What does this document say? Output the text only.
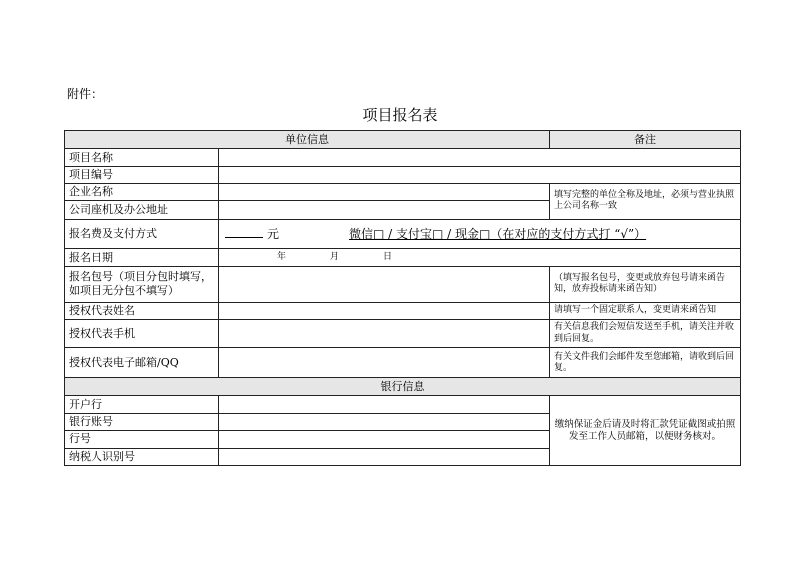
附件：
项目报名表
单位信息		备注
项目名称		
项目编号		
企业名称		填写完整的单位全称及地址，必须与营业执照上公司名称一致
公司座机及办公地址		
报名费及支付方式	元 微信□ / 支付宝□ / 现金□（在对应的支付方式打 “√”）	
报名日期	年 月 日	
报名包号（项目分包时填写，如项目无分包不填写）		（填写报名包号，变更或放弃包号请来函告知，放弃投标请来函告知）
授权代表姓名		请填写一个固定联系人，变更请来函告知
授权代表手机		有关信息我们会短信发送至手机，请关注并收到后回复。
授权代表电子邮箱/QQ		有关文件我们会邮件发至您邮箱，请收到后回复。
银行信息		
开户行		缴纳保证金后请及时将汇款凭证截图或拍照发至工作人员邮箱，以便财务核对。
银行账号		
行号		
纳税人识别号		
